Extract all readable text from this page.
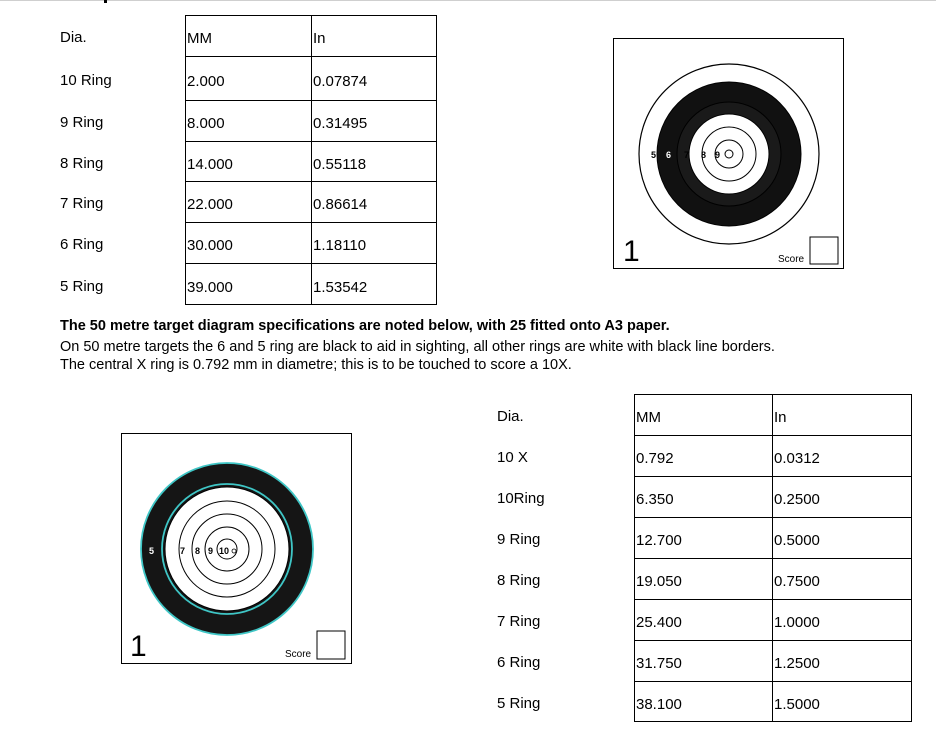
Dia.	MM	In
10 Ring	2.000	0.07874
9 Ring	8.000	0.31495
8 Ring	14.000	0.55118
7 Ring	22.000	0.86614
6 Ring	30.000	1.18110
5 Ring	39.000	1.53542
5 6 7 8 9
1	Score
The 50 metre target diagram specifications are noted below, with 25 fitted onto A3 paper.
On 50 metre targets the 6 and 5 ring are black to aid in sighting, all other rings are white with black line borders.
The central X ring is 0.792 mm in diametre; this is to be touched to score a 10X.
5 6 7 8 9 10
1	Score
Dia.	MM	In
10 X	0.792	0.0312
10Ring	6.350	0.2500
9 Ring	12.700	0.5000
8 Ring	19.050	0.7500
7 Ring	25.400	1.0000
6 Ring	31.750	1.2500
5 Ring	38.100	1.5000
